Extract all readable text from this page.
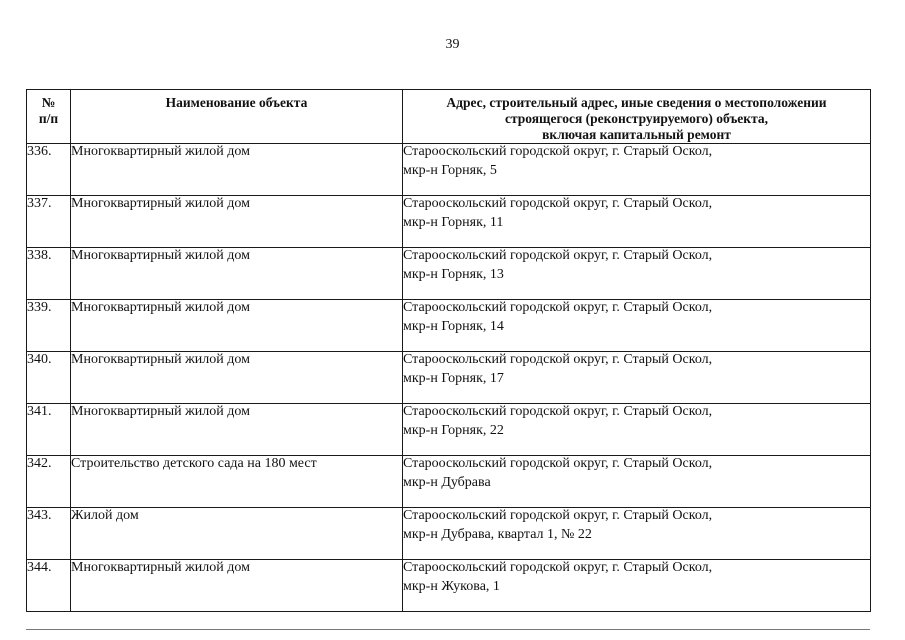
39
№
п/п	Наименование объекта	Адрес, строительный адрес, иные сведения о местоположении
строящегося (реконструируемого) объекта,
включая капитальный ремонт

336.	Многоквартирный жилой дом	Старооскольский городской округ, г. Старый Оскол,
мкр-н Горняк, 5

337.	Многоквартирный жилой дом	Старооскольский городской округ, г. Старый Оскол,
мкр-н Горняк, 11

338.	Многоквартирный жилой дом	Старооскольский городской округ, г. Старый Оскол,
мкр-н Горняк, 13

339.	Многоквартирный жилой дом	Старооскольский городской округ, г. Старый Оскол,
мкр-н Горняк, 14

340.	Многоквартирный жилой дом	Старооскольский городской округ, г. Старый Оскол,
мкр-н Горняк, 17

341.	Многоквартирный жилой дом	Старооскольский городской округ, г. Старый Оскол,
мкр-н Горняк, 22

342.	Строительство детского сада на 180 мест	Старооскольский городской округ, г. Старый Оскол,
мкр-н Дубрава

343.	Жилой дом	Старооскольский городской округ, г. Старый Оскол,
мкр-н Дубрава, квартал 1, № 22

344.	Многоквартирный жилой дом	Старооскольский городской округ, г. Старый Оскол,
мкр-н Жукова, 1
